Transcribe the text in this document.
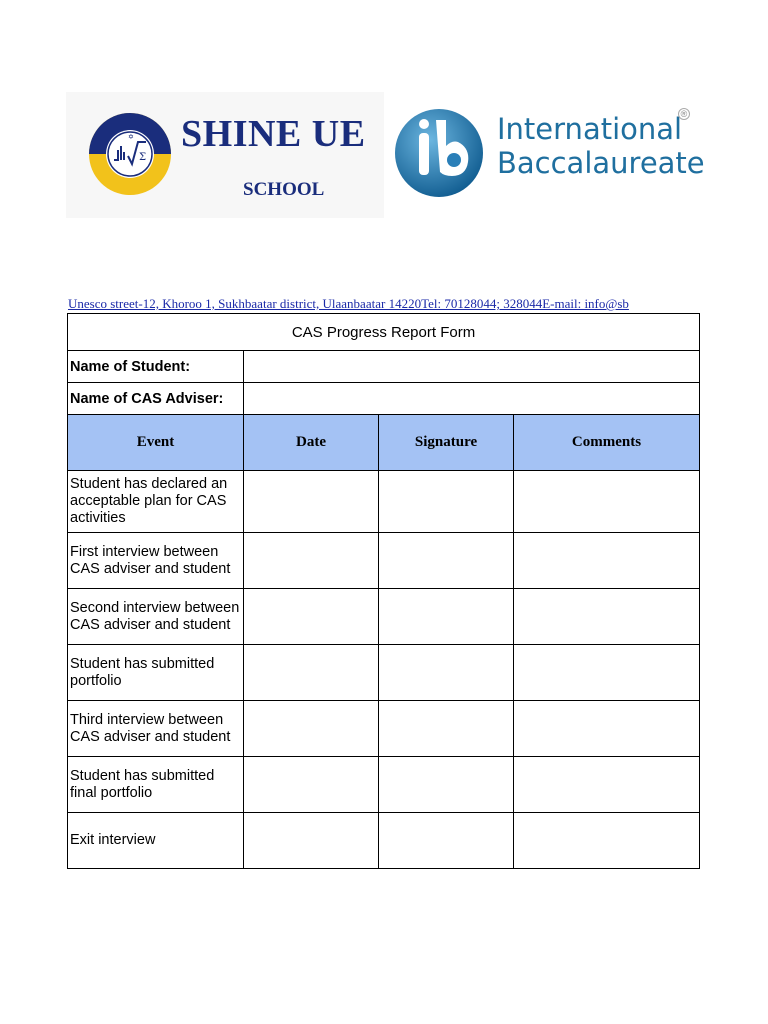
Σ
✡ SHINE UE
SCHOOL
International
Baccalaureate
®
Unesco street-12, Khoroo 1, Sukhbaatar district, Ulaanbaatar 14220Tel: 70128044; 328044E-mail: info@sb
CAS Progress Report Form			
Name of Student:			
Name of CAS Adviser:			
Event	Date	Signature	Comments
Student has declared an acceptable plan for CAS activities			
First interview between CAS adviser and student			
Second interview between CAS adviser and student			
Student has submitted portfolio			
Third interview between CAS adviser and student			
Student has submitted final portfolio			
Exit interview			
